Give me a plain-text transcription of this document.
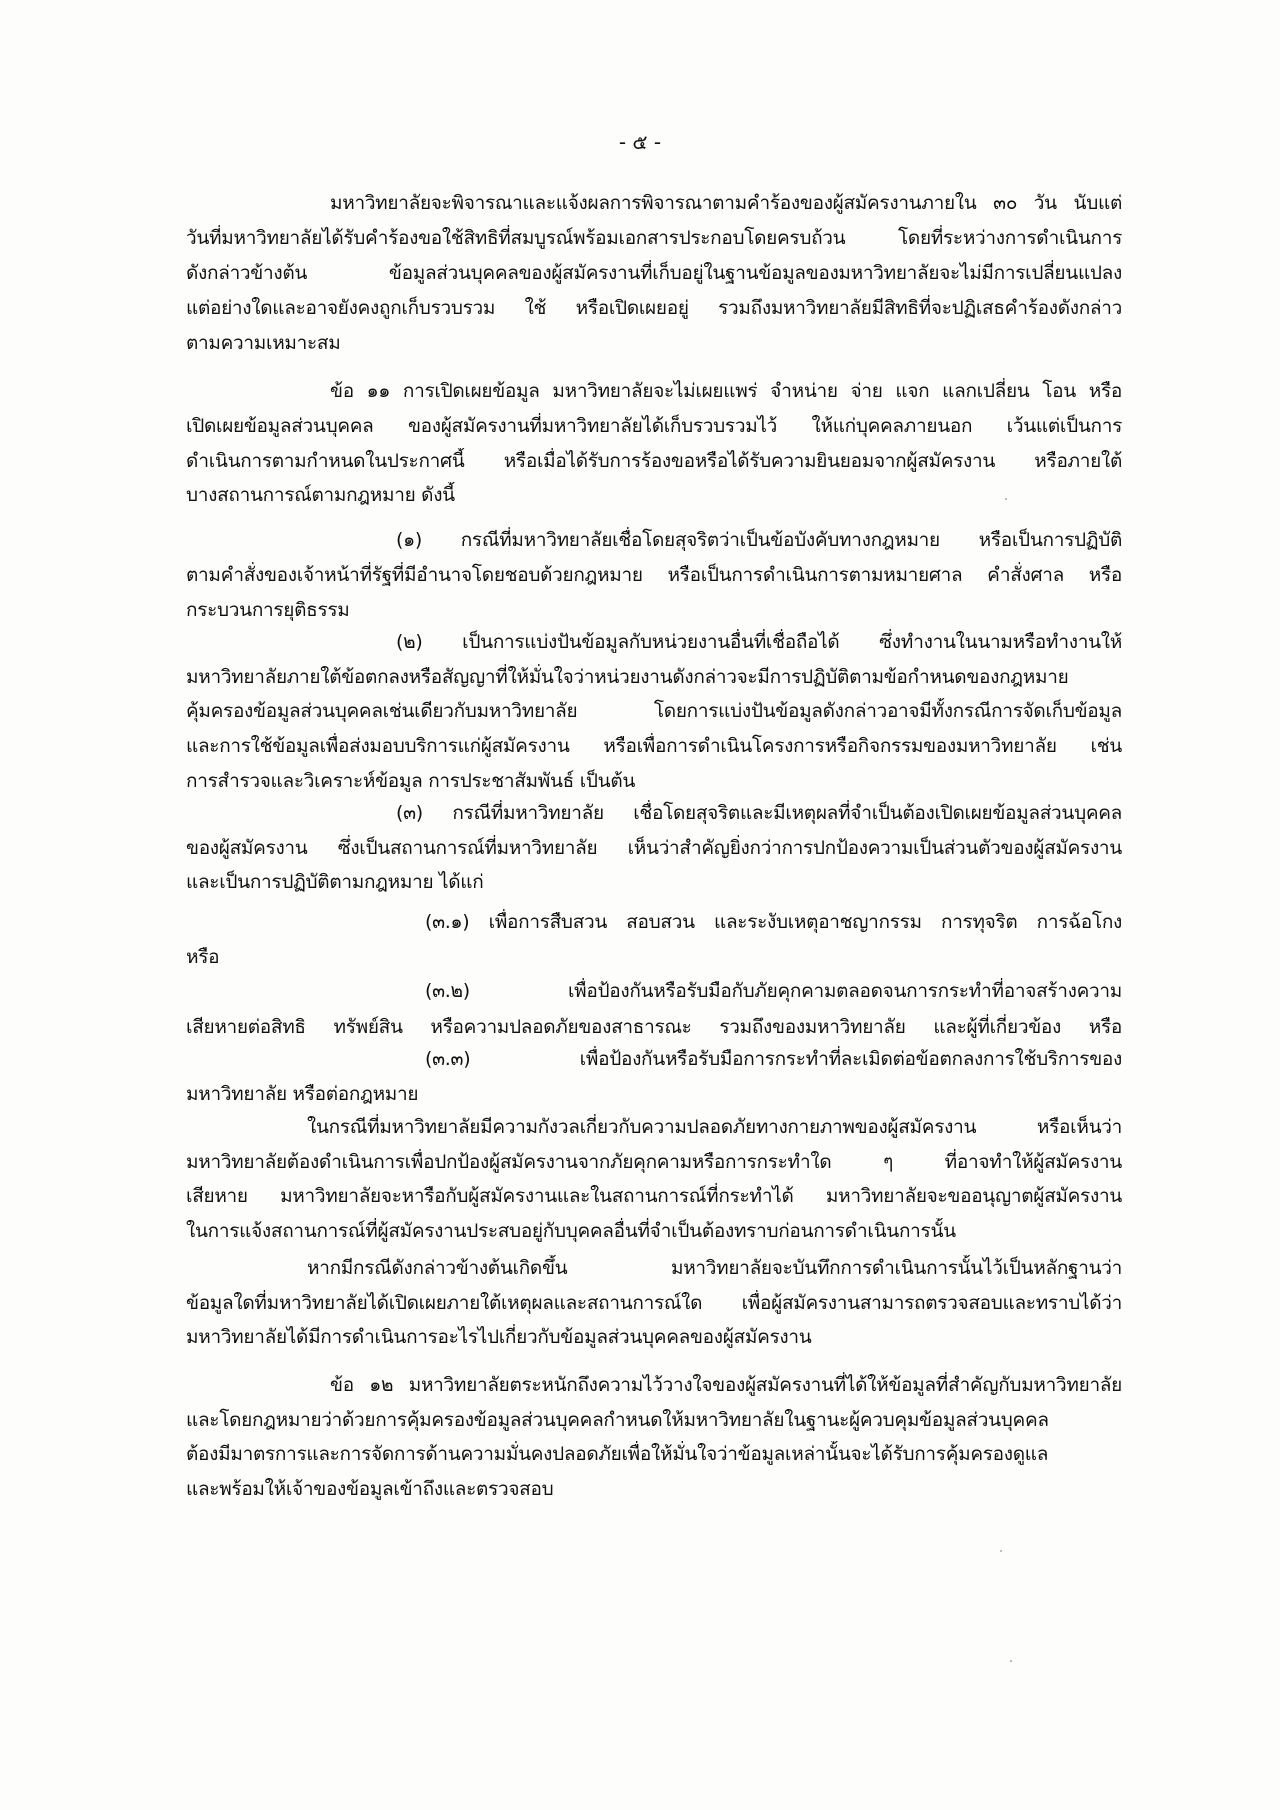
- ๕ -
มหาวิทยาลัยจะพิจารณาและแจ้งผลการพิจารณาตามคำร้องของผู้สมัครงานภายใน ๓๐ วัน นับแต่
วันที่มหาวิทยาลัยได้รับคำร้องขอใช้สิทธิที่สมบูรณ์พร้อมเอกสารประกอบโดยครบถ้วน โดยที่ระหว่างการดำเนินการ
ดังกล่าวข้างต้น ข้อมูลส่วนบุคคลของผู้สมัครงานที่เก็บอยู่ในฐานข้อมูลของมหาวิทยาลัยจะไม่มีการเปลี่ยนแปลง
แต่อย่างใดและอาจยังคงถูกเก็บรวบรวม ใช้ หรือเปิดเผยอยู่ รวมถึงมหาวิทยาลัยมีสิทธิที่จะปฏิเสธคำร้องดังกล่าว
ตามความเหมาะสม
ข้อ ๑๑ การเปิดเผยข้อมูล มหาวิทยาลัยจะไม่เผยแพร่ จำหน่าย จ่าย แจก แลกเปลี่ยน โอน หรือ
เปิดเผยข้อมูลส่วนบุคคล ของผู้สมัครงานที่มหาวิทยาลัยได้เก็บรวบรวมไว้ ให้แก่บุคคลภายนอก เว้นแต่เป็นการ
ดำเนินการตามกำหนดในประกาศนี้ หรือเมื่อได้รับการร้องขอหรือได้รับความยินยอมจากผู้สมัครงาน หรือภายใต้
บางสถานการณ์ตามกฎหมาย ดังนี้
(๑) กรณีที่มหาวิทยาลัยเชื่อโดยสุจริตว่าเป็นข้อบังคับทางกฎหมาย หรือเป็นการปฏิบัติ
ตามคำสั่งของเจ้าหน้าที่รัฐที่มีอำนาจโดยชอบด้วยกฎหมาย หรือเป็นการดำเนินการตามหมายศาล คำสั่งศาล หรือ
กระบวนการยุติธรรม
(๒) เป็นการแบ่งปันข้อมูลกับหน่วยงานอื่นที่เชื่อถือได้ ซึ่งทำงานในนามหรือทำงานให้
มหาวิทยาลัยภายใต้ข้อตกลงหรือสัญญาที่ให้มั่นใจว่าหน่วยงานดังกล่าวจะมีการปฏิบัติตามข้อกำหนดของกฎหมาย
คุ้มครองข้อมูลส่วนบุคคลเช่นเดียวกับมหาวิทยาลัย โดยการแบ่งปันข้อมูลดังกล่าวอาจมีทั้งกรณีการจัดเก็บข้อมูล
และการใช้ข้อมูลเพื่อส่งมอบบริการแก่ผู้สมัครงาน หรือเพื่อการดำเนินโครงการหรือกิจกรรมของมหาวิทยาลัย เช่น
การสำรวจและวิเคราะห์ข้อมูล การประชาสัมพันธ์ เป็นต้น
(๓) กรณีที่มหาวิทยาลัย เชื่อโดยสุจริตและมีเหตุผลที่จำเป็นต้องเปิดเผยข้อมูลส่วนบุคคล
ของผู้สมัครงาน ซึ่งเป็นสถานการณ์ที่มหาวิทยาลัย เห็นว่าสำคัญยิ่งกว่าการปกป้องความเป็นส่วนตัวของผู้สมัครงาน
และเป็นการปฏิบัติตามกฎหมาย ได้แก่
(๓.๑) เพื่อการสืบสวน สอบสวน และระงับเหตุอาชญากรรม การทุจริต การฉ้อโกง
หรือ
(๓.๒) เพื่อป้องกันหรือรับมือกับภัยคุกคามตลอดจนการกระทำที่อาจสร้างความ
เสียหายต่อสิทธิ ทรัพย์สิน หรือความปลอดภัยของสาธารณะ รวมถึงของมหาวิทยาลัย และผู้ที่เกี่ยวข้อง หรือ
(๓.๓) เพื่อป้องกันหรือรับมือการกระทำที่ละเมิดต่อข้อตกลงการใช้บริการของ
มหาวิทยาลัย หรือต่อกฎหมาย
ในกรณีที่มหาวิทยาลัยมีความกังวลเกี่ยวกับความปลอดภัยทางกายภาพของผู้สมัครงาน หรือเห็นว่า
มหาวิทยาลัยต้องดำเนินการเพื่อปกป้องผู้สมัครงานจากภัยคุกคามหรือการกระทำใด ๆ ที่อาจทำให้ผู้สมัครงาน
เสียหาย มหาวิทยาลัยจะหารือกับผู้สมัครงานและในสถานการณ์ที่กระทำได้ มหาวิทยาลัยจะขออนุญาตผู้สมัครงาน
ในการแจ้งสถานการณ์ที่ผู้สมัครงานประสบอยู่กับบุคคลอื่นที่จำเป็นต้องทราบก่อนการดำเนินการนั้น
หากมีกรณีดังกล่าวข้างต้นเกิดขึ้น มหาวิทยาลัยจะบันทึกการดำเนินการนั้นไว้เป็นหลักฐานว่า
ข้อมูลใดที่มหาวิทยาลัยได้เปิดเผยภายใต้เหตุผลและสถานการณ์ใด เพื่อผู้สมัครงานสามารถตรวจสอบและทราบได้ว่า
มหาวิทยาลัยได้มีการดำเนินการอะไรไปเกี่ยวกับข้อมูลส่วนบุคคลของผู้สมัครงาน
ข้อ ๑๒ มหาวิทยาลัยตระหนักถึงความไว้วางใจของผู้สมัครงานที่ได้ให้ข้อมูลที่สำคัญกับมหาวิทยาลัย
และโดยกฎหมายว่าด้วยการคุ้มครองข้อมูลส่วนบุคคลกำหนดให้มหาวิทยาลัยในฐานะผู้ควบคุมข้อมูลส่วนบุคคล
ต้องมีมาตรการและการจัดการด้านความมั่นคงปลอดภัยเพื่อให้มั่นใจว่าข้อมูลเหล่านั้นจะได้รับการคุ้มครองดูแล
และพร้อมให้เจ้าของข้อมูลเข้าถึงและตรวจสอบ
